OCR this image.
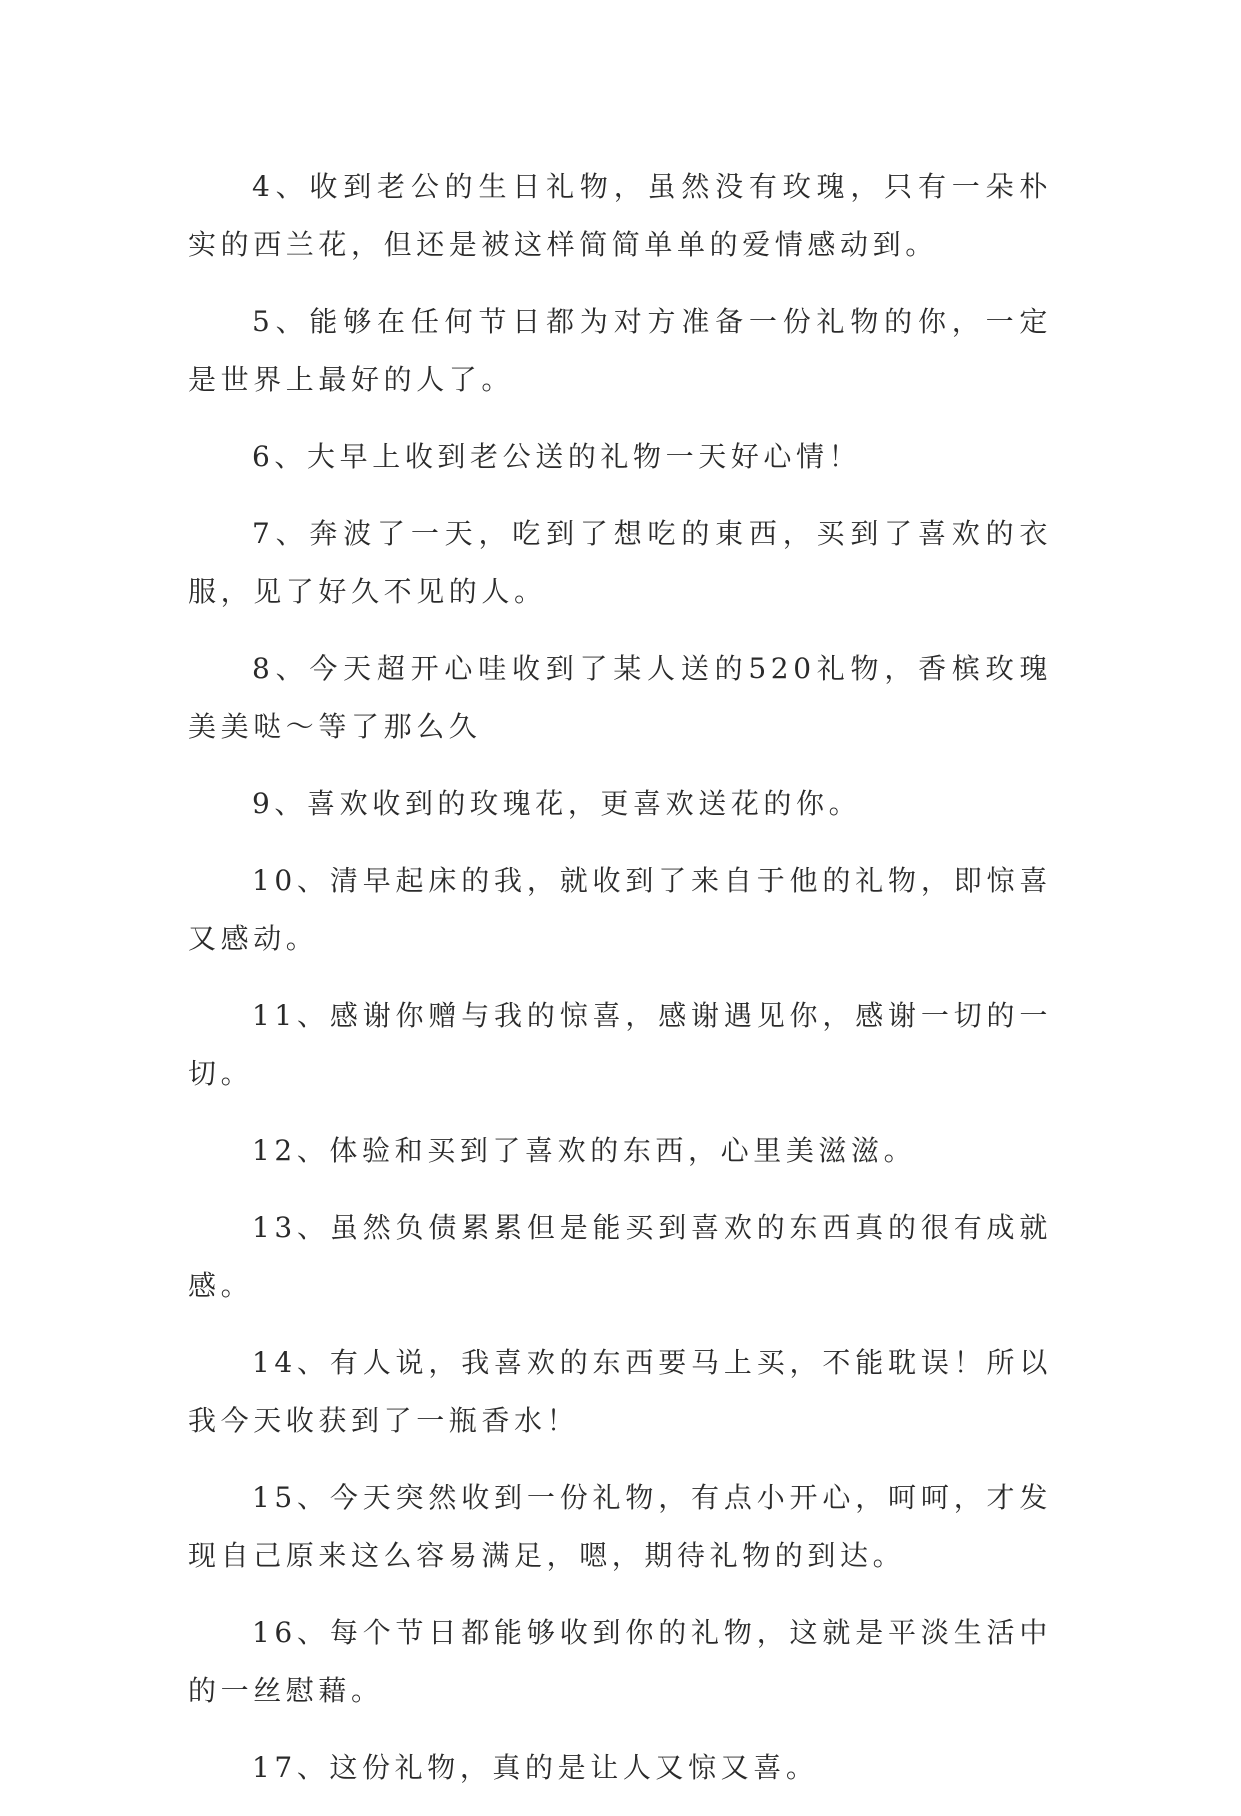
4、收到老公的生日礼物，虽然没有玫瑰，只有一朵朴实的西兰花，但还是被这样简简单单的爱情感动到。

5、能够在任何节日都为对方准备一份礼物的你，一定是世界上最好的人了。

6、大早上收到老公送的礼物一天好心情！

7、奔波了一天，吃到了想吃的東西，买到了喜欢的衣服，见了好久不见的人。

8、今天超开心哇收到了某人送的520礼物，香槟玫瑰美美哒～等了那么久

9、喜欢收到的玫瑰花，更喜欢送花的你。

10、清早起床的我，就收到了来自于他的礼物，即惊喜又感动。

11、感谢你赠与我的惊喜，感谢遇见你，感谢一切的一切。

12、体验和买到了喜欢的东西，心里美滋滋。

13、虽然负债累累但是能买到喜欢的东西真的很有成就感。

14、有人说，我喜欢的东西要马上买，不能耽误！所以我今天收获到了一瓶香水！

15、今天突然收到一份礼物，有点小开心，呵呵，才发现自己原来这么容易满足，嗯，期待礼物的到达。

16、每个节日都能够收到你的礼物，这就是平淡生活中的一丝慰藉。

17、这份礼物，真的是让人又惊又喜。
